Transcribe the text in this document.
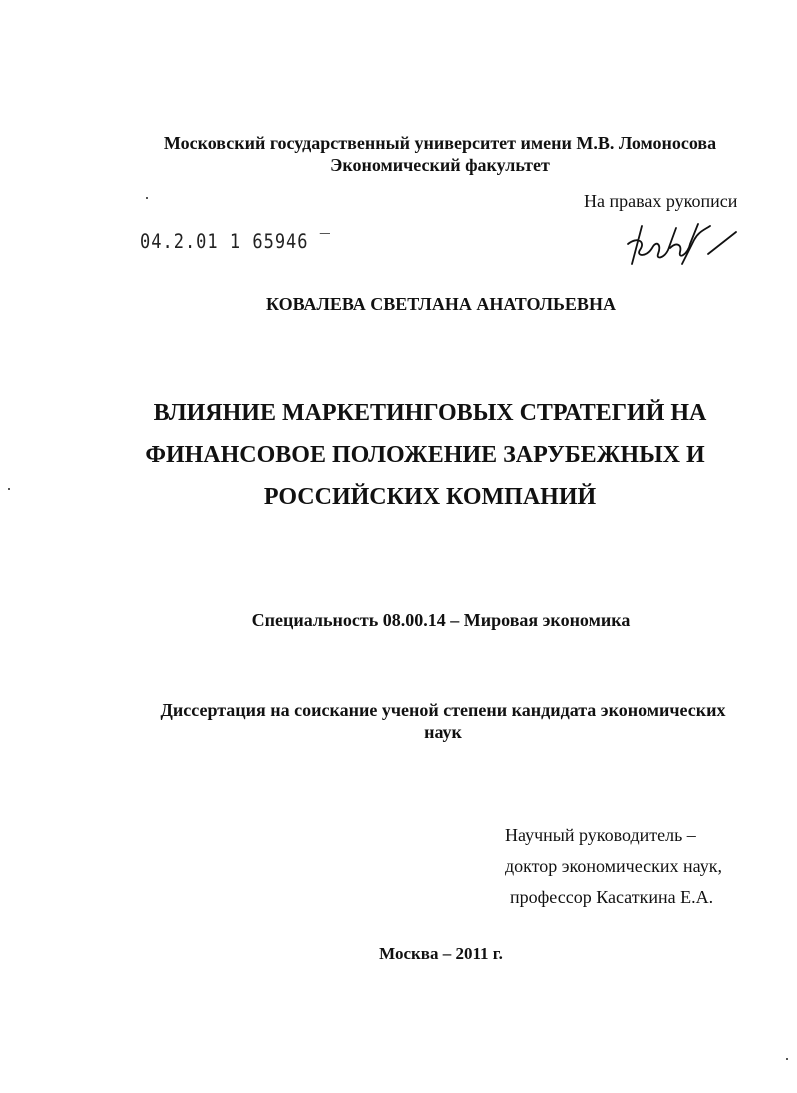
Московский государственный университет имени М.В. Ломоносова
Экономический факультет
На правах рукописи
04.2.01 1 65946 ‾
КОВАЛЕВА СВЕТЛАНА АНАТОЛЬЕВНА
ВЛИЯНИЕ МАРКЕТИНГОВЫХ СТРАТЕГИЙ НА
ФИНАНСОВОЕ ПОЛОЖЕНИЕ ЗАРУБЕЖНЫХ И
РОССИЙСКИХ КОМПАНИЙ
Специальность 08.00.14 – Мировая экономика
Диссертация на соискание ученой степени кандидата экономических наук
Научный руководитель –
доктор экономических наук,
профессор Касаткина Е.А.
Москва – 2011 г.
